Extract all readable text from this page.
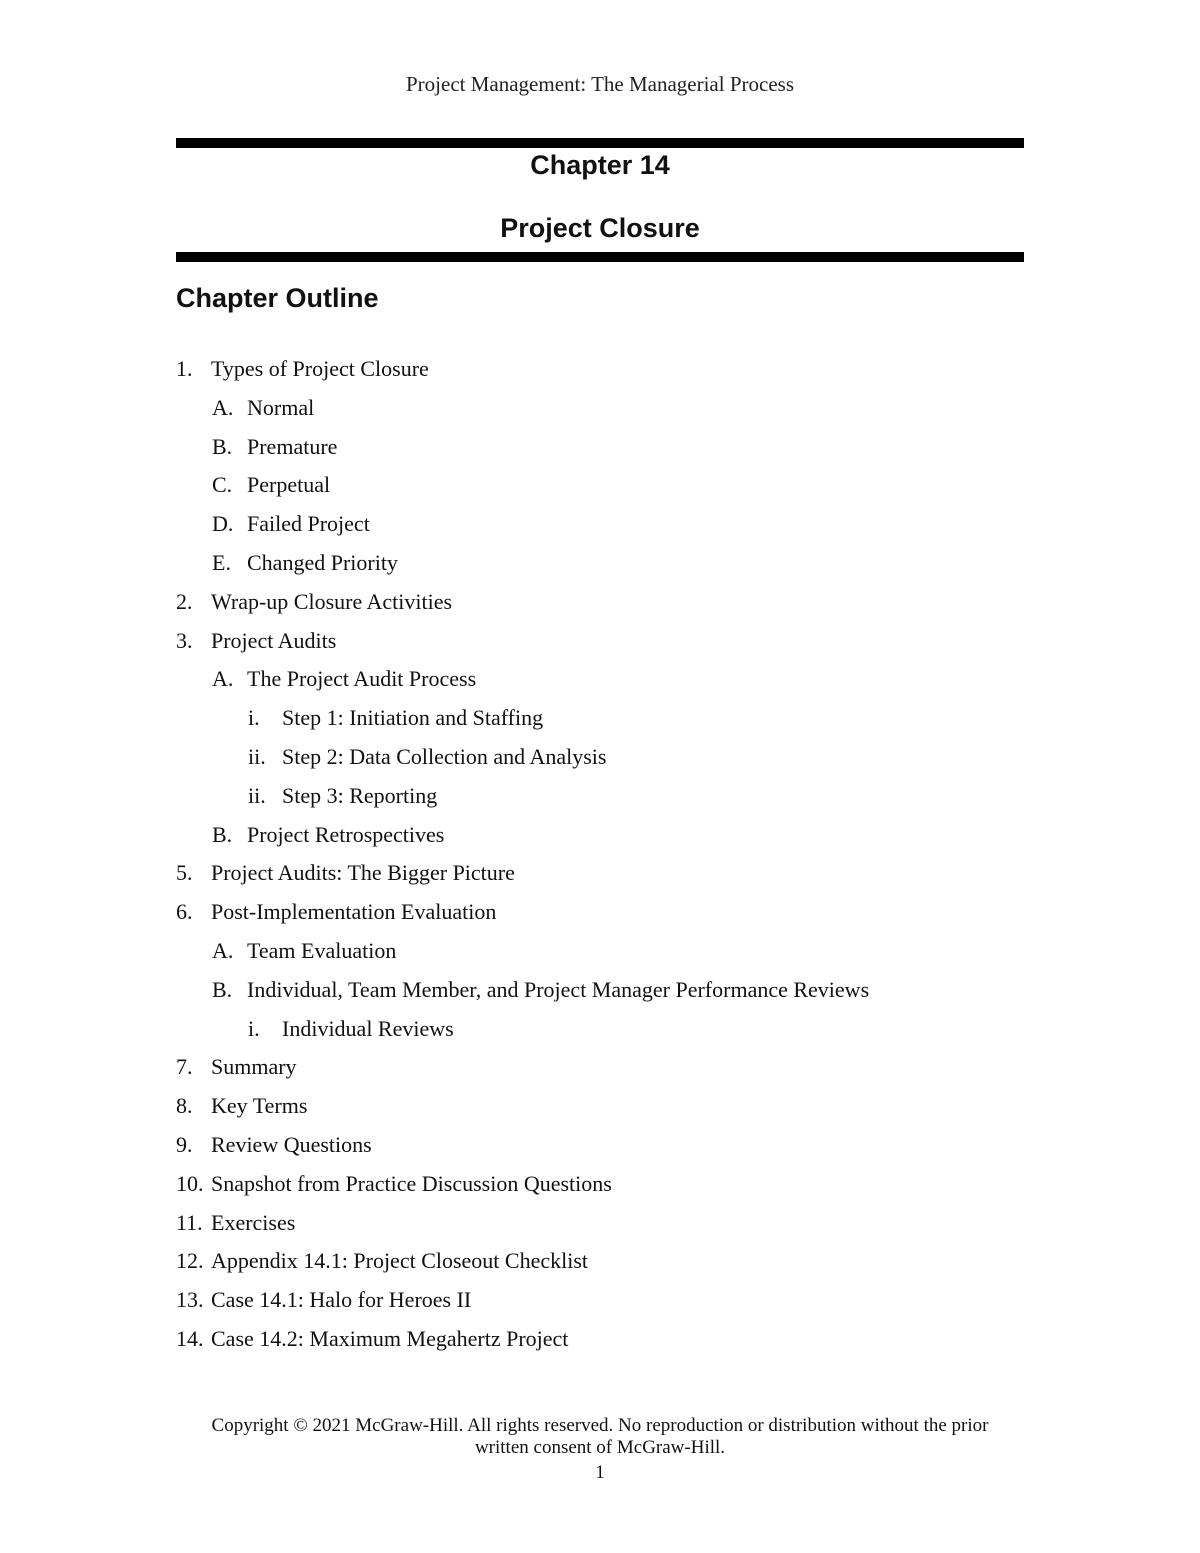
Project Management: The Managerial Process
Chapter 14
Project Closure
Chapter Outline
1. Types of Project Closure
A. Normal
B. Premature
C. Perpetual
D. Failed Project
E. Changed Priority
2. Wrap-up Closure Activities
3. Project Audits
A. The Project Audit Process
i.	Step 1: Initiation and Staffing
ii. Step 2: Data Collection and Analysis
ii. Step 3: Reporting
B. Project Retrospectives
5. Project Audits: The Bigger Picture
6. Post-Implementation Evaluation
A. Team Evaluation
B. Individual, Team Member, and Project Manager Performance Reviews
i.	Individual Reviews
7. Summary
8. Key Terms
9. Review Questions
10. Snapshot from Practice Discussion Questions
11. Exercises
12. Appendix 14.1: Project Closeout Checklist
13. Case 14.1: Halo for Heroes II
14. Case 14.2: Maximum Megahertz Project
Copyright © 2021 McGraw-Hill. All rights reserved. No reproduction or distribution without the prior
written consent of McGraw-Hill.
1
